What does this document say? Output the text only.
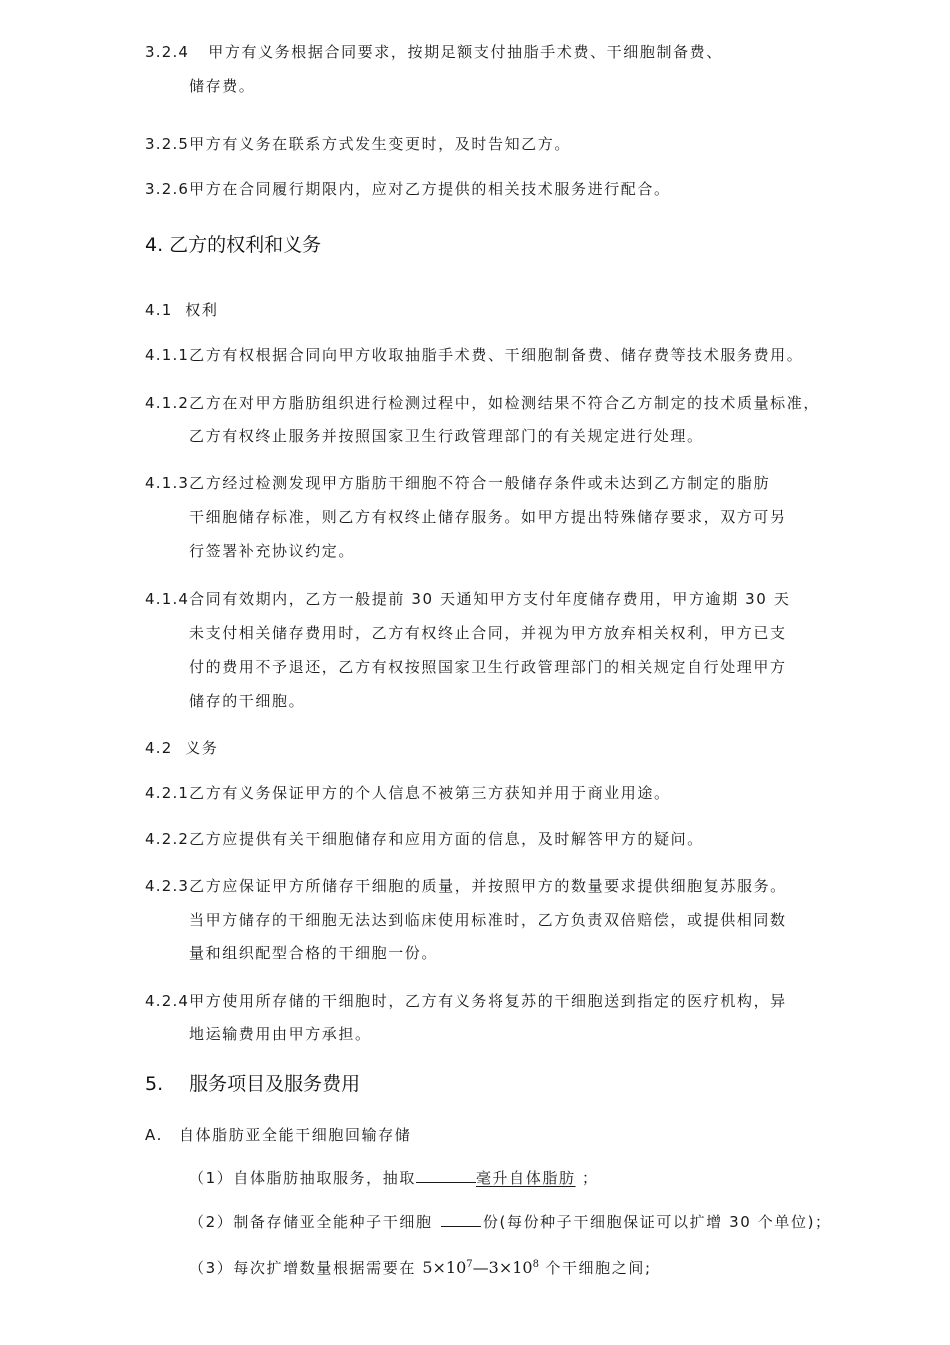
3.2.4 甲方有义务根据合同要求，按期足额支付抽脂手术费、干细胞制备费、
储存费。
3.2.5甲方有义务在联系方式发生变更时，及时告知乙方。
3.2.6甲方在合同履行期限内，应对乙方提供的相关技术服务进行配合。
4. 乙方的权利和义务
4.1 权利
4.1.1乙方有权根据合同向甲方收取抽脂手术费、干细胞制备费、储存费等技术服务费用。
4.1.2乙方在对甲方脂肪组织进行检测过程中，如检测结果不符合乙方制定的技术质量标准，
乙方有权终止服务并按照国家卫生行政管理部门的有关规定进行处理。
4.1.3乙方经过检测发现甲方脂肪干细胞不符合一般储存条件或未达到乙方制定的脂肪
干细胞储存标准，则乙方有权终止储存服务。如甲方提出特殊储存要求，双方可另
行签署补充协议约定。
4.1.4合同有效期内，乙方一般提前 30 天通知甲方支付年度储存费用，甲方逾期 30 天
未支付相关储存费用时，乙方有权终止合同，并视为甲方放弃相关权利，甲方已支
付的费用不予退还，乙方有权按照国家卫生行政管理部门的相关规定自行处理甲方
储存的干细胞。
4.2 义务
4.2.1乙方有义务保证甲方的个人信息不被第三方获知并用于商业用途。
4.2.2乙方应提供有关干细胞储存和应用方面的信息，及时解答甲方的疑问。
4.2.3乙方应保证甲方所储存干细胞的质量，并按照甲方的数量要求提供细胞复苏服务。
当甲方储存的干细胞无法达到临床使用标准时，乙方负责双倍赔偿，或提供相同数
量和组织配型合格的干细胞一份。
4.2.4甲方使用所存储的干细胞时，乙方有义务将复苏的干细胞送到指定的医疗机构，异
地运输费用由甲方承担。
5. 服务项目及服务费用
A. 自体脂肪亚全能干细胞回输存储
（1）自体脂肪抽取服务，抽取	毫升自体脂肪 ；
（2）制备存储亚全能种子干细胞	份(每份种子干细胞保证可以扩增 30 个单位)；
（3）每次扩增数量根据需要在 $5\times 10^7—3\times 10^8$ 个干细胞之间;
